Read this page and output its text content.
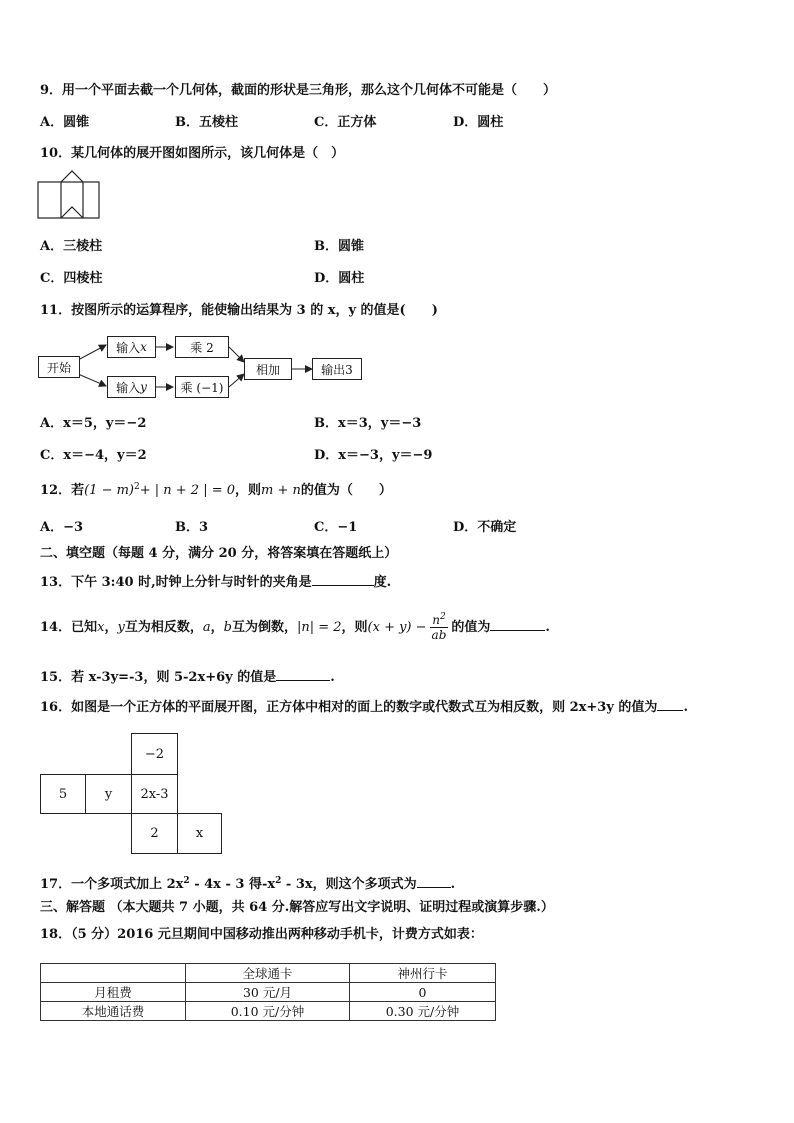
9．用一个平面去截一个几何体，截面的形状是三角形，那么这个几何体不可能是（　　）
A．圆锥	B．五棱柱	C．正方体	D．圆柱
10．某几何体的展开图如图所示，该几何体是（　）
A．三棱柱	B．圆锥
C．四棱柱	D．圆柱
11．按图所示的运算程序，能使输出结果为 3 的 x，y 的值是(　　)
开始
输入 x
输入 y
乘 2
乘 (−1)
相加	输出3
A．x＝5，y＝−2	B．x＝3，y＝−3
C．x＝−4，y＝2	D．x＝−3，y＝−9
12．若$(1 - m)^2+$ | n + 2 | = 0，则m + n的值为（　　）
A．−3	B．3	C．−1	D．不确定
二、填空题（每题 4 分，满分 20 分，将答案填在答题纸上）
13．下午 3:40 时,时钟上分针与时针的夹角是	度.
14．已知x，y互为相反数，a，b互为倒数，|n| = 2，则$(x + y) - \frac{n^2}{ab}$ 的值为	.
15．若 x-3y=-3，则 5-2x+6y 的值是	.
16．如图是一个正方体的平面展开图，正方体中相对的面上的数字或代数式互为相反数，则 2x+3y 的值为 .
−2
5	y	2x-3
2	x
17．一个多项式加上 $2x^2 - 4x - 3$ 得$-x^2 - 3x$，则这个多项式为	.
三、解答题 （本大题共 7 小题，共 64 分.解答应写出文字说明、证明过程或演算步骤.）
18．（5 分）2016 元旦期间中国移动推出两种移动手机卡，计费方式如表：
	全球通卡	神州行卡
月租费	30 元/月	0
本地通话费	0.10 元/分钟	0.30 元/分钟
